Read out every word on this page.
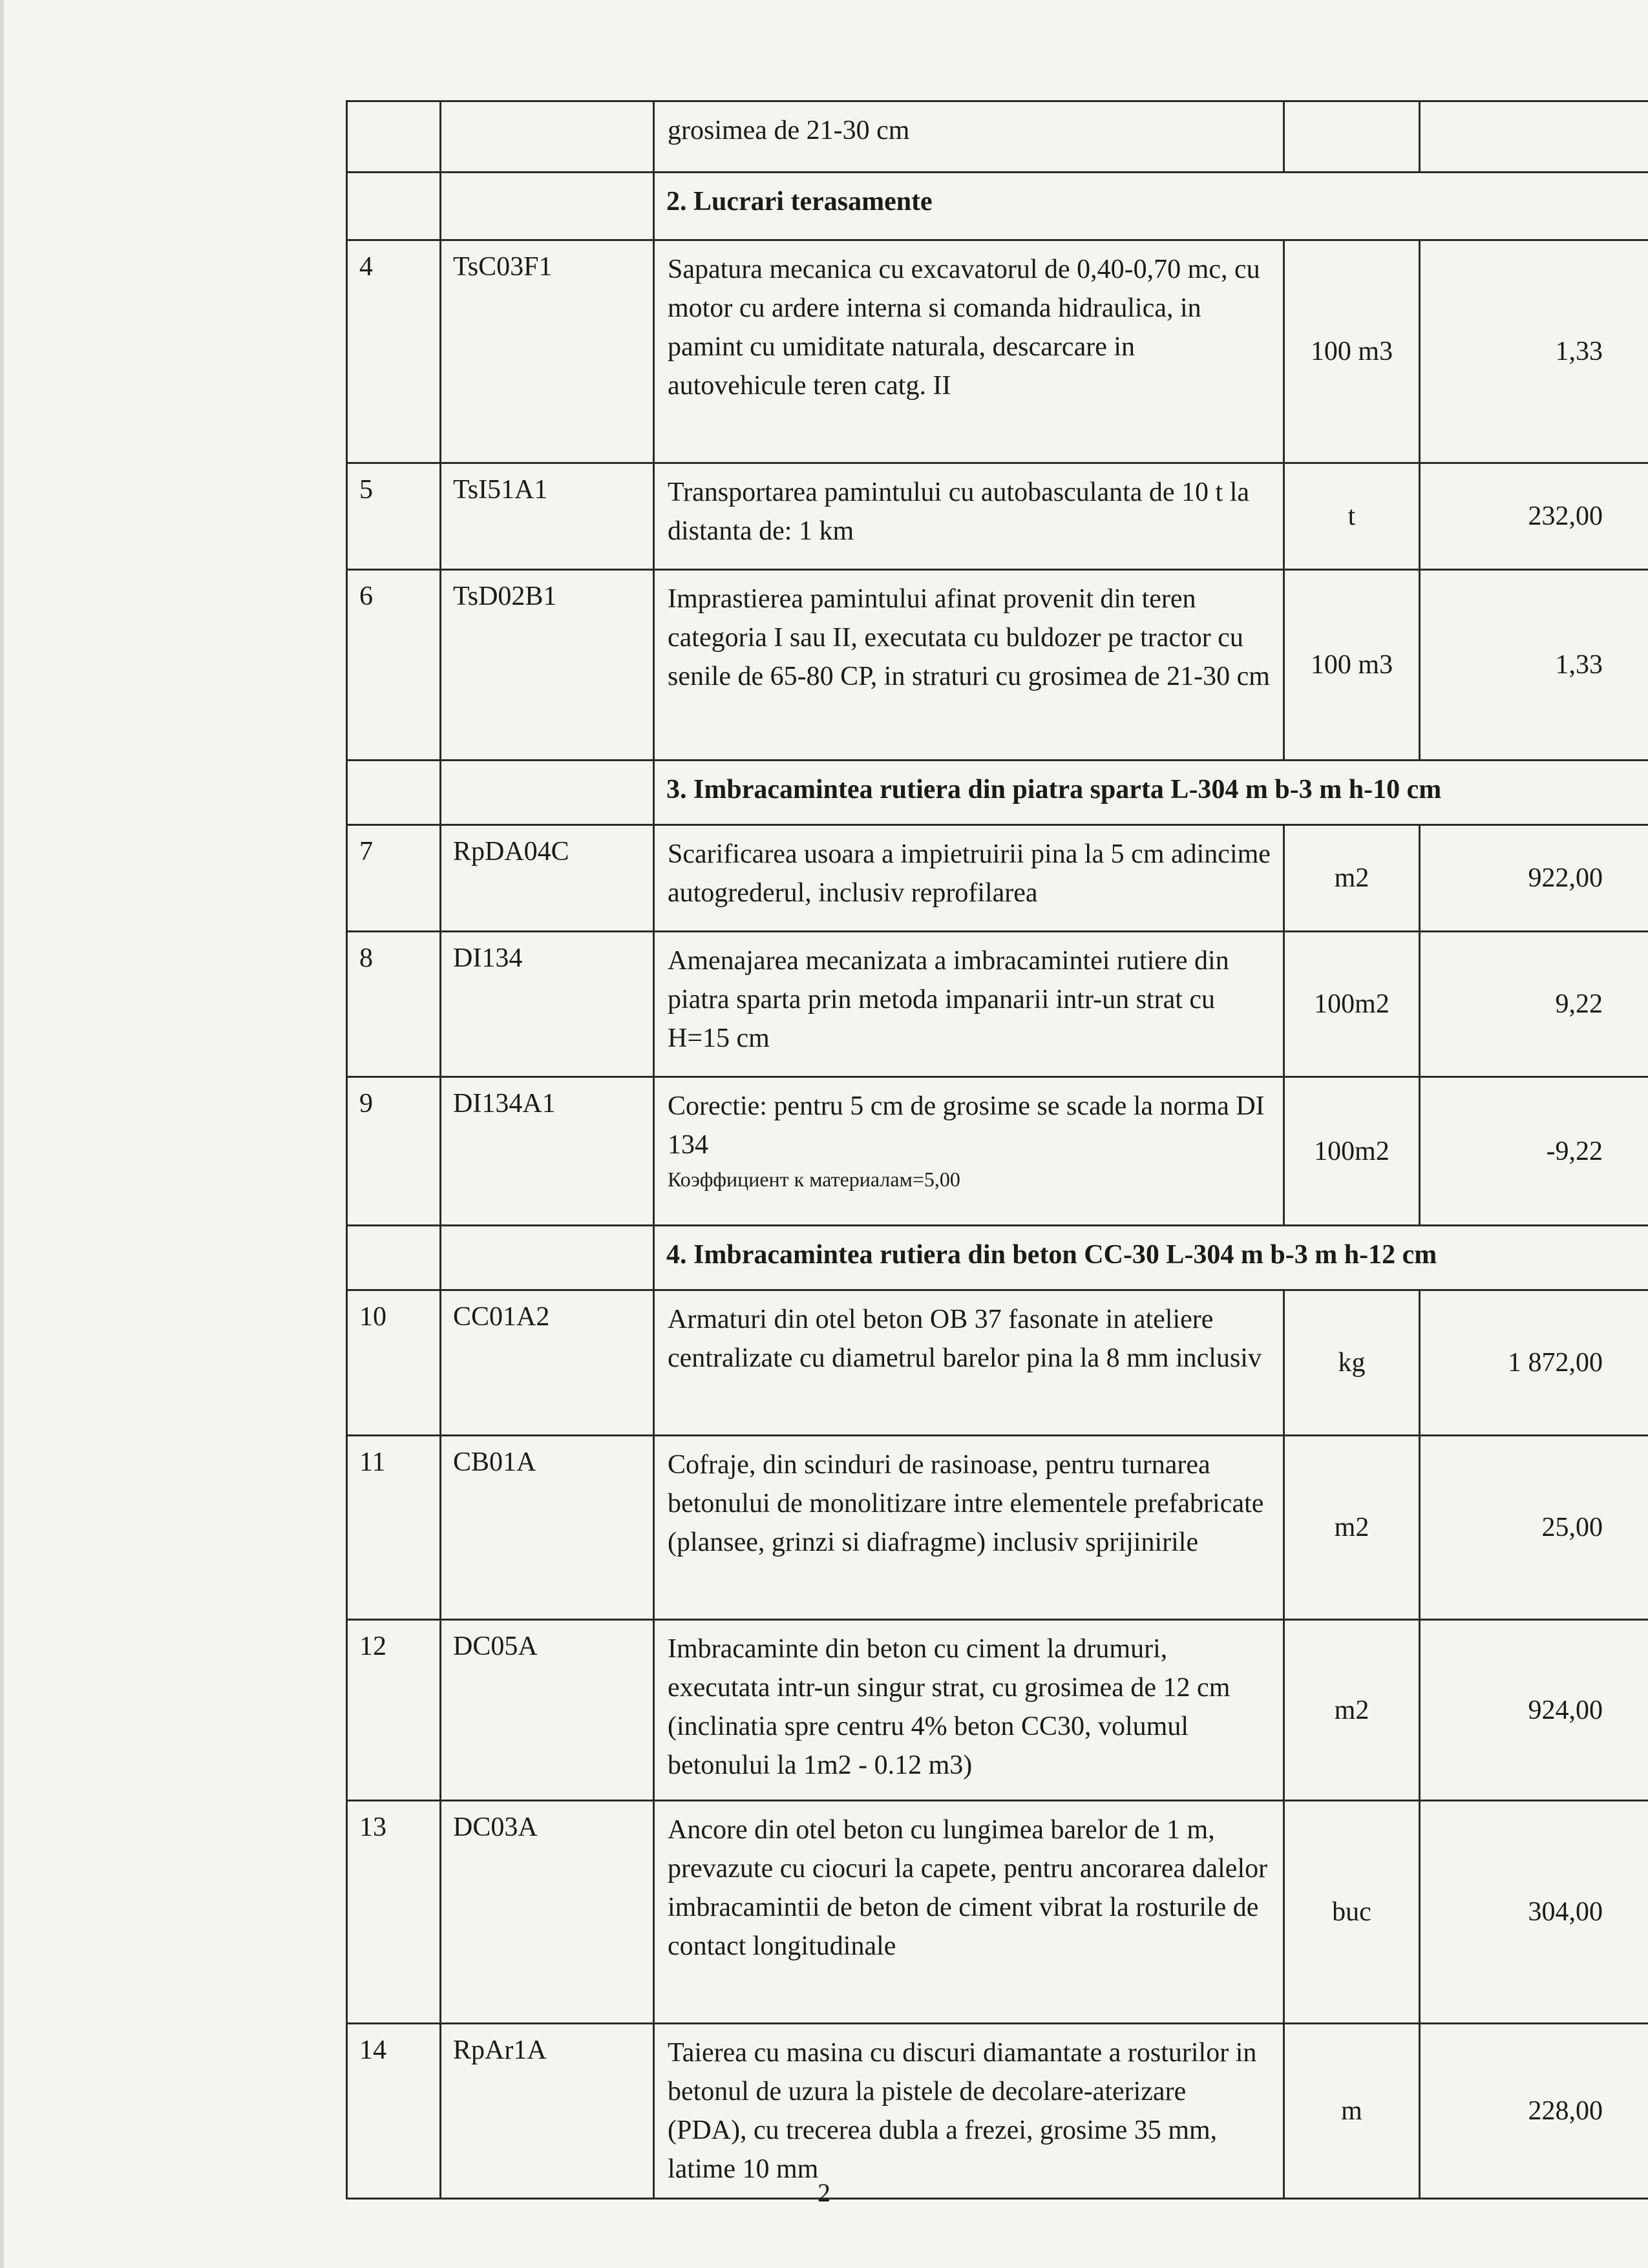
		grosimea de 21-30 cm		
		2. Lucrari terasamente		
4	TsC03F1	Sapatura mecanica cu excavatorul de 0,40-0,70 mc, cu motor cu ardere interna si comanda hidraulica, in pamint cu umiditate naturala, descarcare in autovehicule teren catg. II	100 m3	1,33
5	TsI51A1	Transportarea pamintului cu autobasculanta de 10 t la distanta de: 1 km	t	232,00
6	TsD02B1	Imprastierea pamintului afinat provenit din teren categoria I sau II, executata cu buldozer pe tractor cu senile de 65-80 CP, in straturi cu grosimea de 21-30 cm	100 m3	1,33
		3. Imbracamintea rutiera din piatra sparta L-304 m b-3 m h-10 cm		
7	RpDA04C	Scarificarea usoara a impietruirii pina la 5 cm adincime autogrederul, inclusiv reprofilarea	m2	922,00
8	DI134	Amenajarea mecanizata a imbracamintei rutiere din piatra sparta prin metoda impanarii intr-un strat cu H=15 cm	100m2	9,22
9	DI134A1	Corectie: pentru 5 cm de grosime se scade la norma DI 134
Коэффициент к материалам=5,00	100m2	-9,22
		4. Imbracamintea rutiera din beton CC-30 L-304 m b-3 m h-12 cm		
10	CC01A2	Armaturi din otel beton OB 37 fasonate in ateliere centralizate cu diametrul barelor pina la 8 mm inclusiv	kg	1 872,00
11	CB01A	Cofraje, din scinduri de rasinoase, pentru turnarea betonului de monolitizare intre elementele prefabricate (plansee, grinzi si diafragme) inclusiv sprijinirile	m2	25,00
12	DC05A	Imbracaminte din beton cu ciment la drumuri, executata intr-un singur strat, cu grosimea de 12 cm (inclinatia spre centru 4% beton CC30, volumul betonului la 1m2 - 0.12 m3)	m2	924,00
13	DC03A	Ancore din otel beton cu lungimea barelor de 1 m, prevazute cu ciocuri la capete, pentru ancorarea dalelor imbracamintii de beton de ciment vibrat la rosturile de contact longitudinale	buc	304,00
14	RpAr1A	Taierea cu masina cu discuri diamantate a rosturilor in betonul de uzura la pistele de decolare-aterizare (PDA), cu trecerea dubla a frezei, grosime 35 mm, latime 10 mm	m	228,00
2
